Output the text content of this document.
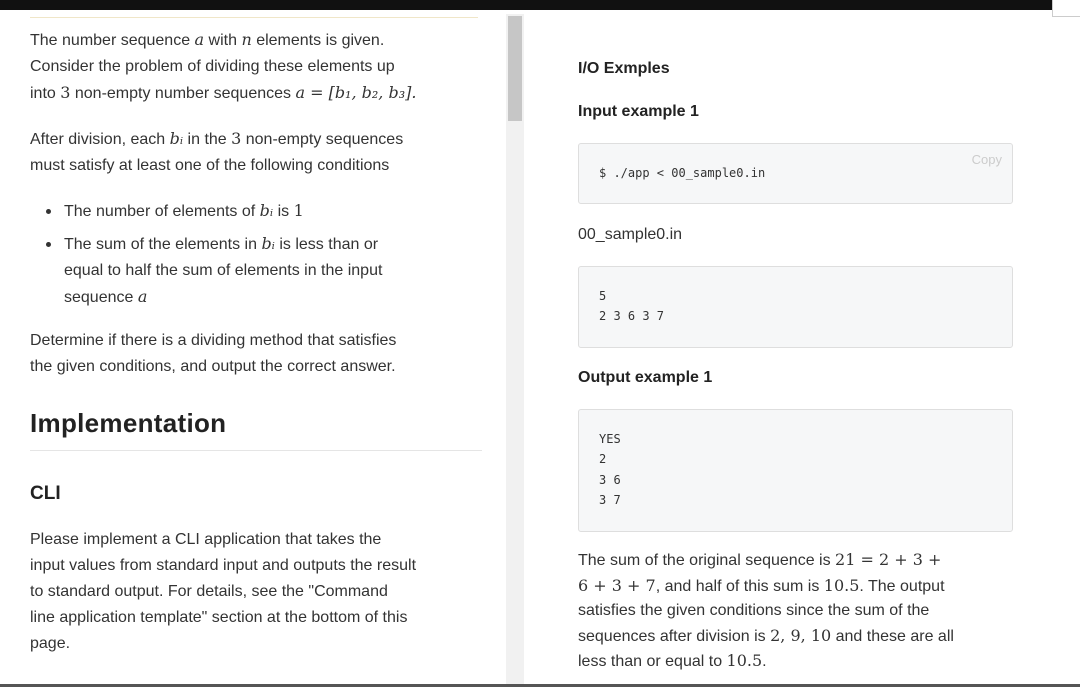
The number sequence a with n elements is given.
Consider the problem of dividing these elements up
into 3 non-empty number sequences a = [b₁, b₂, b₃].

After division, each bᵢ in the 3 non-empty sequences
must satisfy at least one of the following conditions

The number of elements of bᵢ is 1
The sum of the elements in bᵢ is less than or
equal to half the sum of elements in the input
sequence a

Determine if there is a dividing method that satisfies
the given conditions, and output the correct answer.

Implementation
CLI

Please implement a CLI application that takes the
input values from standard input and outputs the result
to standard output. For details, see the "Command
line application template" section at the bottom of this
page.

I/O Exmples

Input example 1

$ ./app < 00_sample0.in
Copy

00_sample0.in

5
2 3 6 3 7

Output example 1

YES
2
3 6
3 7

The sum of the original sequence is 21 = 2 + 3 +
6 + 3 + 7, and half of this sum is 10.5. The output
satisfies the given conditions since the sum of the
sequences after division is 2, 9, 10 and these are all
less than or equal to 10.5.
